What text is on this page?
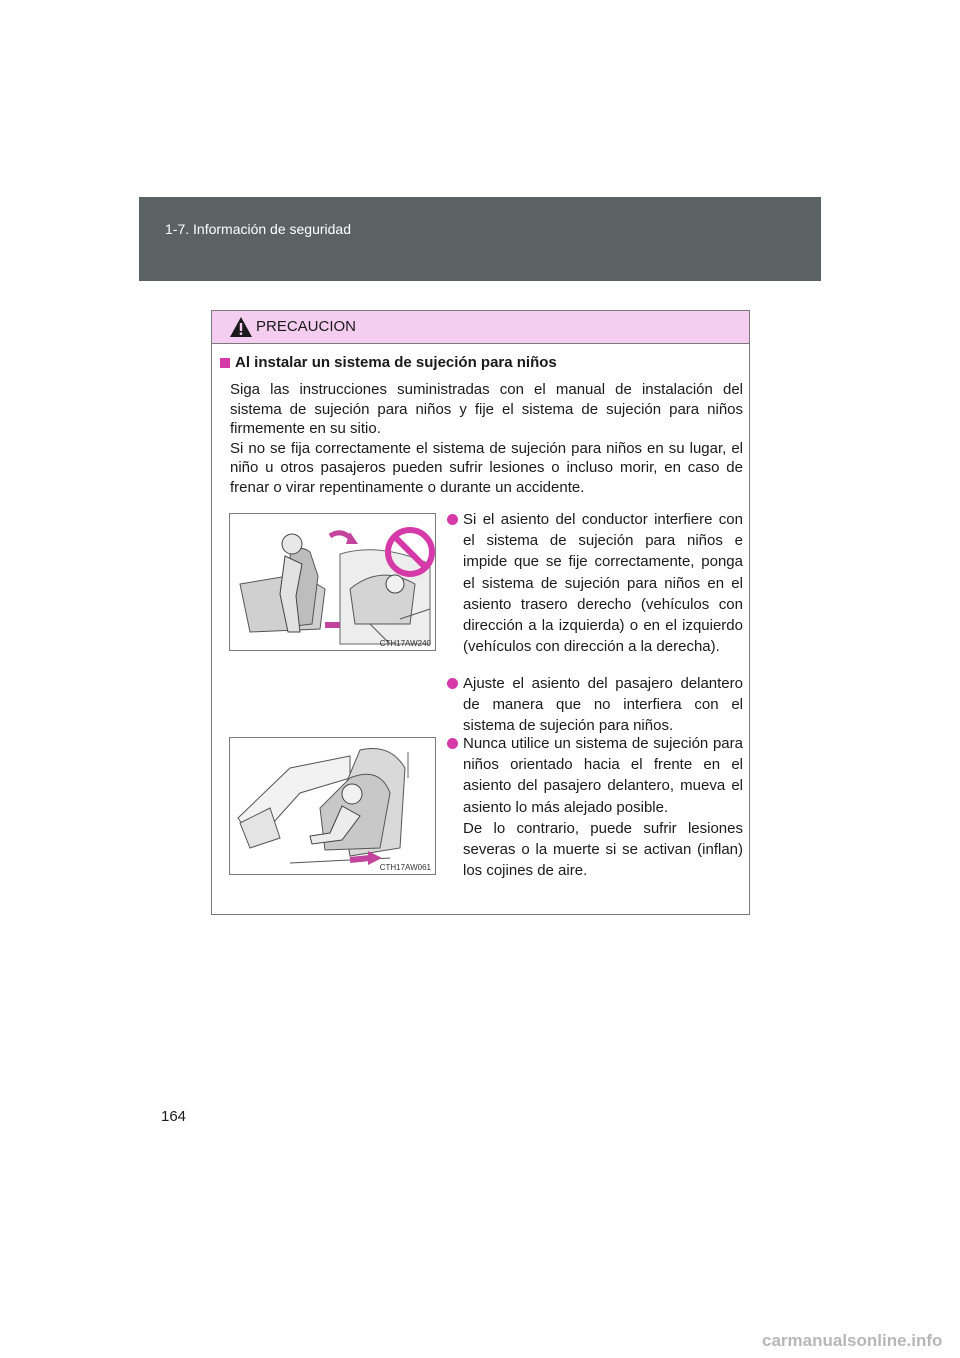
1-7. Información de seguridad
PRECAUCION
Al instalar un sistema de sujeción para niños

Siga las instrucciones suministradas con el manual de instalación del sistema de sujeción para niños y fije el sistema de sujeción para niños firmemente en su sitio.

Si no se fija correctamente el sistema de sujeción para niños en su lugar, el niño u otros pasajeros pueden sufrir lesiones o incluso morir, en caso de frenar o virar repentinamente o durante un accidente.

CTH17AW240
CTH17AW061

Si el asiento del conductor interfiere con el sistema de sujeción para niños e impide que se fije correctamente, ponga el sistema de sujeción para niños en el asiento trasero derecho (vehículos con dirección a la izquierda) o en el izquierdo (vehículos con dirección a la derecha).

Ajuste el asiento del pasajero delantero de manera que no interfiera con el sistema de sujeción para niños.

Nunca utilice un sistema de sujeción para niños orientado hacia el frente en el asiento del pasajero delantero, mueva el asiento lo más alejado posible.

De lo contrario, puede sufrir lesiones severas o la muerte si se activan (inflan) los cojines de aire.

164
carmanualsonline.info
